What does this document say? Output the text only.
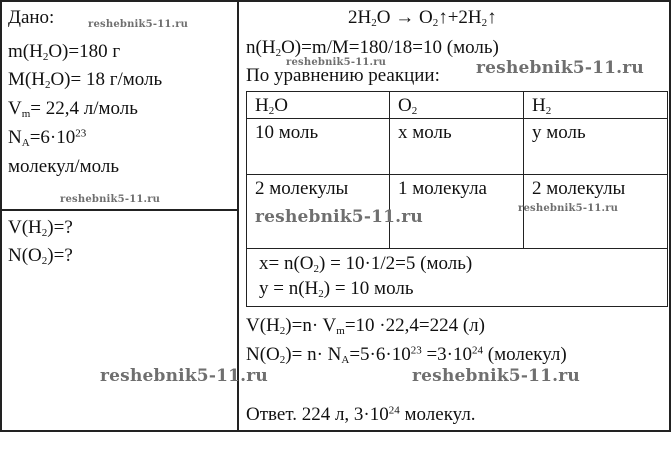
Дано:
$m(H_2O)=180$ г
$M(H_2O)= 18$ г/моль
$V_m= 22,4$ л/моль
$N_A=6\cdot 10^{23}$
молекул/моль
$V(H_2)=$?
$N(O_2)=$?
$2H_2O$ → $O_2↑+2H_2↑$
$n(H_2O)=m/M=180/18=10$ (моль)
По уравнению реакции:
$H_2O$	$O_2$	$H_2$
10 моль	x моль	y моль
2 молекулы	1 молекула	2 молекулы

$x= n(O_2) = 10\cdot 1/2=5$ (моль)
$y = n(H_2) = 10$ моль		
$V(H_2)=n\cdot V_m=10 \cdot 22,4=224$ (л)
$N(O_2)= n\cdot N_A=5\cdot 6\cdot 10^{23} =3\cdot 10^{24}$ (молекул)
Ответ. 224 л, $3\cdot 10^{24}$ молекул.
reshebnik5-11.ru
reshebnik5-11.ru	reshebnik5-11.ru
reshebnik5-11.ru
reshebnik5-11.ru	reshebnik5-11.ru
reshebnik5-11.ru	reshebnik5-11.ru
